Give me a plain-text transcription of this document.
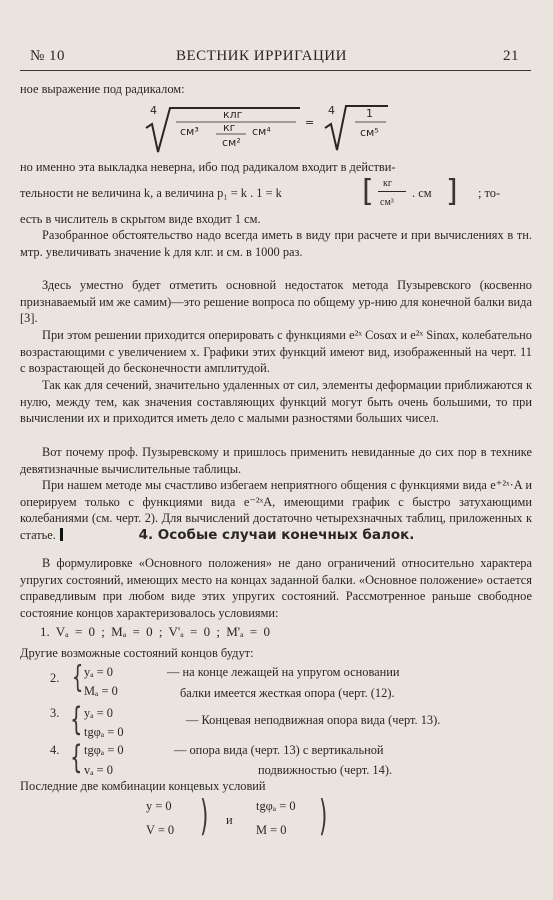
№ 10	ВЕСТНИК ИРРИГАЦИИ	21
ное выражение под радикалом:
4	клг
см³ кг
см²
см⁴
=
4	1
см⁵
но именно эта выкладка неверна, ибо под радикалом входит в действи-
тельности не величина k, а величина p₁ = k . 1 = k	[ кг
см³
. см ] ; то-
есть в числитель в скрытом виде входит 1 см.
Разобранное обстоятельство надо всегда иметь в виду при расчете и при вычислениях в тн. мтр. увеличивать значение k для клг. и см. в 1000 раз.
Здесь уместно будет отметить основной недостаток метода Пузыревского (косвенно признаваемый им же самим)—это решение вопроса по общему ур-нию для конечной балки вида [3].
При этом решении приходится оперировать с функциями e²ˣ Cosαx и e²ˣ Sinαx, колебательно возрастающими с увеличением x. Графики этих функций имеют вид, изображенный на черт. 11 с возрастающей до бесконечности амплитудой.
Так как для сечений, значительно удаленных от сил, элементы деформации приближаются к нулю, между тем, как значения составляющих функций могут быть очень большими, то при вычислении их и приходится иметь дело с малыми разностями больших чисел.
Вот почему проф. Пузыревскому и пришлось применить невиданные до сих пор в технике девятизначные вычислительные таблицы.
При нашем методе мы счастливо избегаем неприятного общения с функциями вида e⁺²ˣ·A и оперируем только с функциями вида e⁻²ˣA, имеющими график с быстро затухающими колебаниями (см. черт. 2). Для вычислений достаточно четырехзначных таблиц, приложенных к статье.	4. Особые случаи конечных балок.
В формулировке «Основного положения» не дано ограничений относительно характера упругих состояний, имеющих место на концах заданной балки. «Основное положение» остается справедливым при любом виде этих упругих состояний. Рассмотренное раньше свободное состояние концов характеризовалось условиями:
1. Vₐ = 0 ; Mₐ = 0 ; V'ₐ = 0 ; M'ₐ = 0
Другие возможные состояний концов будут:
2. { yₐ = 0
Mₐ = 0
— на конце лежащей на упругом основании
балки имеется жесткая опора (черт. (12).
3. { yₐ = 0
tgφₐ = 0
— Концевая неподвижная опора вида (черт. 13).
4. { tgφₐ = 0
vₐ = 0
— опора вида (черт. 13) с вертикальной
подвижностью (черт. 14).
Последние две комбинации концевых условий
y = 0
V = 0 ) и
tgφₐ = 0
M = 0 )
